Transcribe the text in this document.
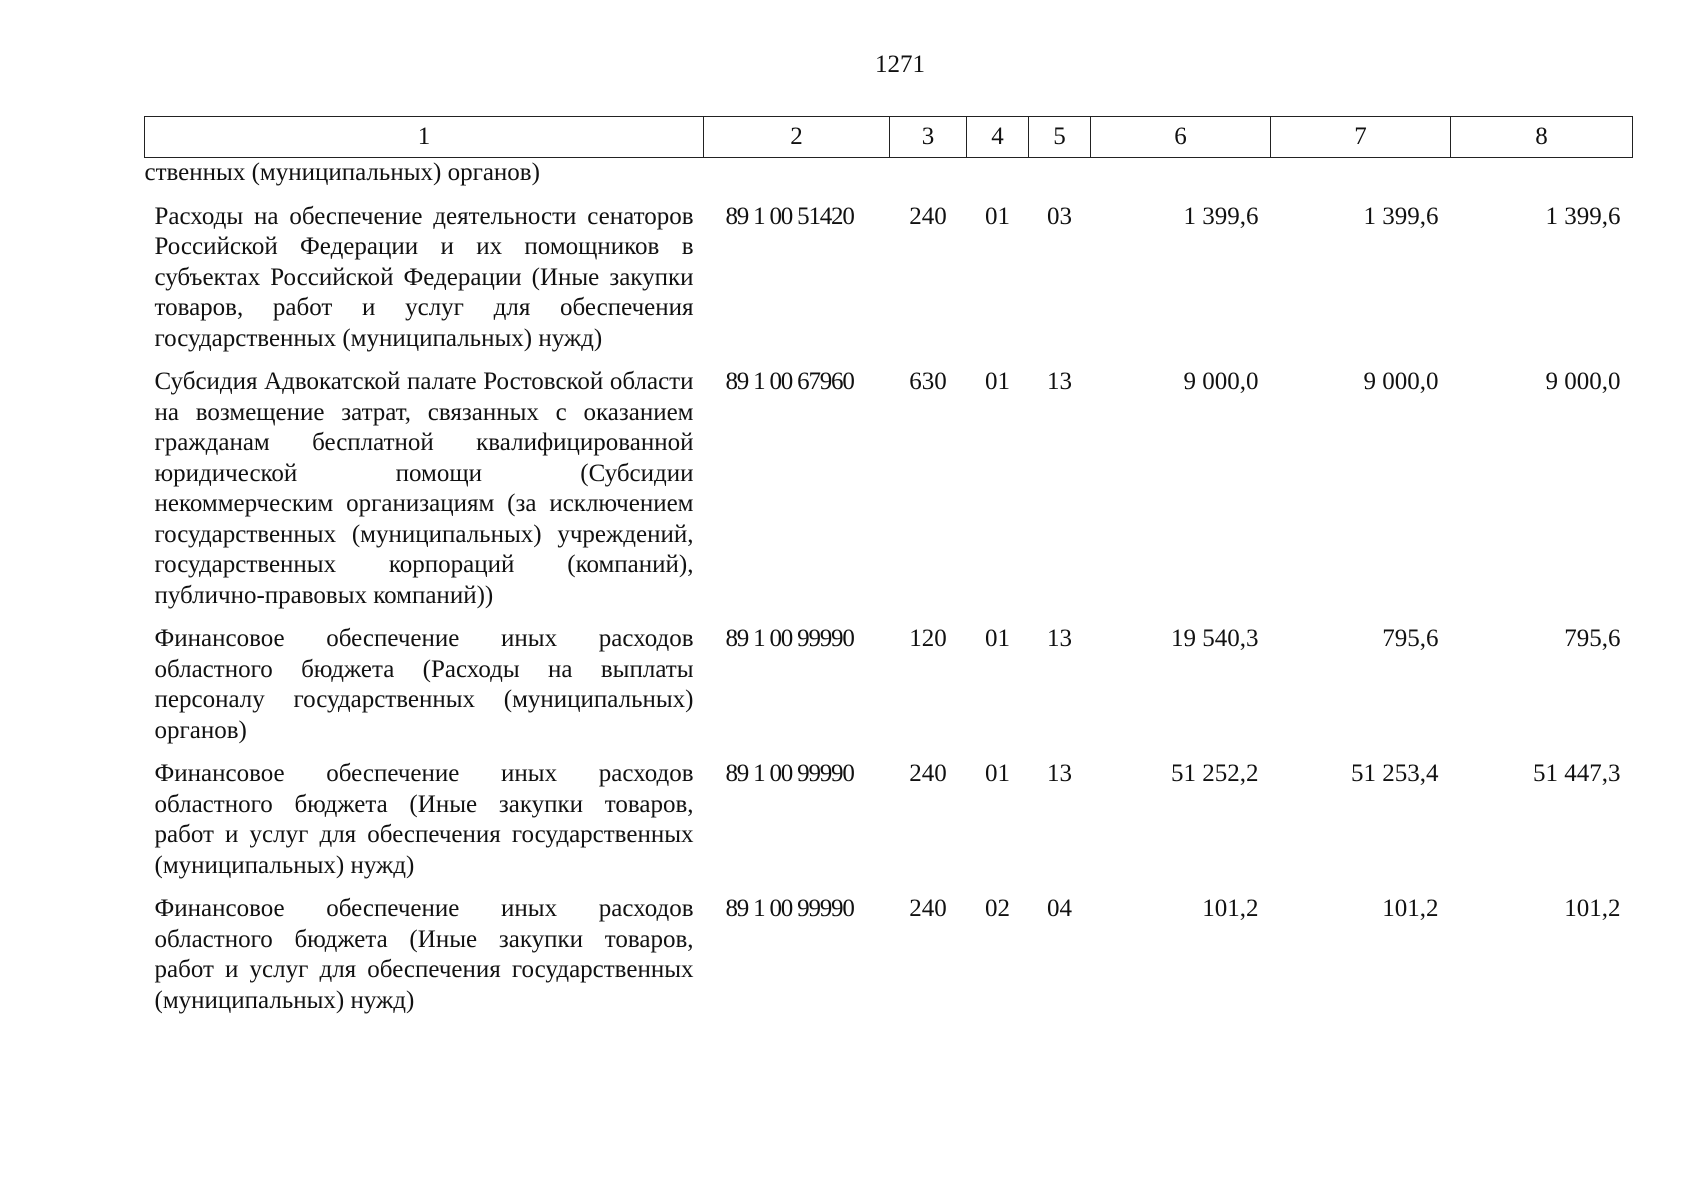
1271
1	2	3	4	5	6	7	8
ственных (муниципальных) органов)							
Расходы на обеспечение деятельности сенаторов Российской Федерации и их помощников в субъектах Российской Федерации (Иные закупки товаров, работ и услуг для обеспечения государственных (муниципальных) нужд)	89 1 00 51420	240	01	03	1 399,6	1 399,6	1 399,6
Субсидия Адвокатской палате Ростовской области на возмещение затрат, связанных с оказанием гражданам бесплатной квалифицированной юридической помощи (Субсидии некоммерческим организациям (за исключением государственных (муниципальных) учреждений, государственных корпораций (компаний), публично-правовых компаний))	89 1 00 67960	630	01	13	9 000,0	9 000,0	9 000,0
Финансовое обеспечение иных расходов областного бюджета (Расходы на выплаты персоналу государственных (муниципальных) органов)	89 1 00 99990	120	01	13	19 540,3	795,6	795,6
Финансовое обеспечение иных расходов областного бюджета (Иные закупки товаров, работ и услуг для обеспечения государственных (муниципальных) нужд)	89 1 00 99990	240	01	13	51 252,2	51 253,4	51 447,3
Финансовое обеспечение иных расходов областного бюджета (Иные закупки товаров, работ и услуг для обеспечения государственных (муниципальных) нужд)	89 1 00 99990	240	02	04	101,2	101,2	101,2
